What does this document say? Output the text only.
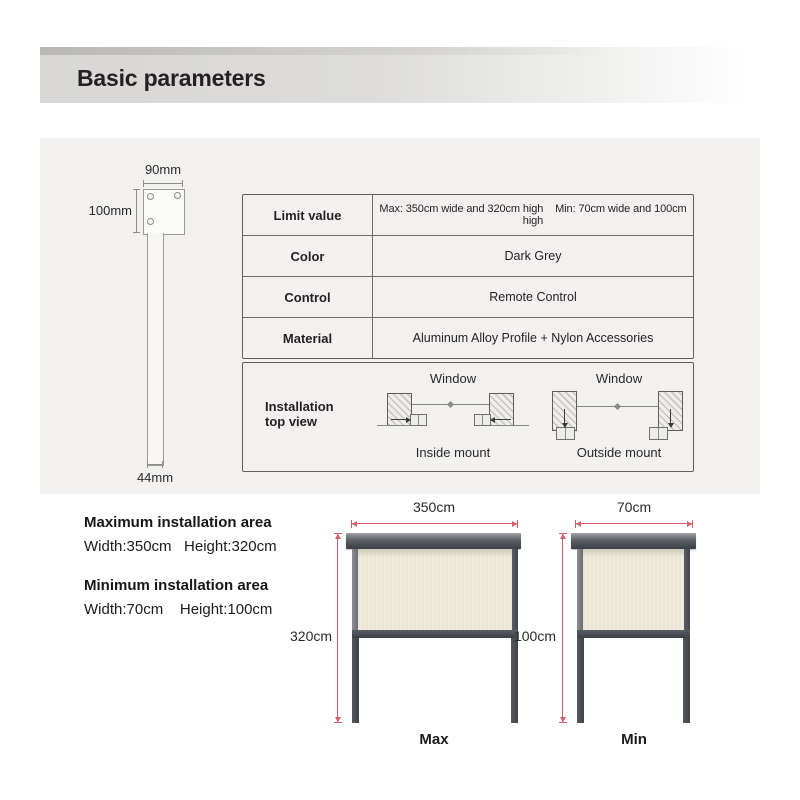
Basic parameters
90mm
100mm
44mm
Limit value	Max: 350cm wide and 320cm high    Min: 70cm wide and 100cm high
Color	Dark Grey
Control	Remote Control
Material	Aluminum Alloy Profile + Nylon Accessories
Installation
top view
Window
Inside mount
Window
Outside mount
Maximum installation area
Width:350cm   Height:320cm
Minimum installation area
Width:70cm    Height:100cm
350cm
320cm
Max
70cm
100cm
Min
